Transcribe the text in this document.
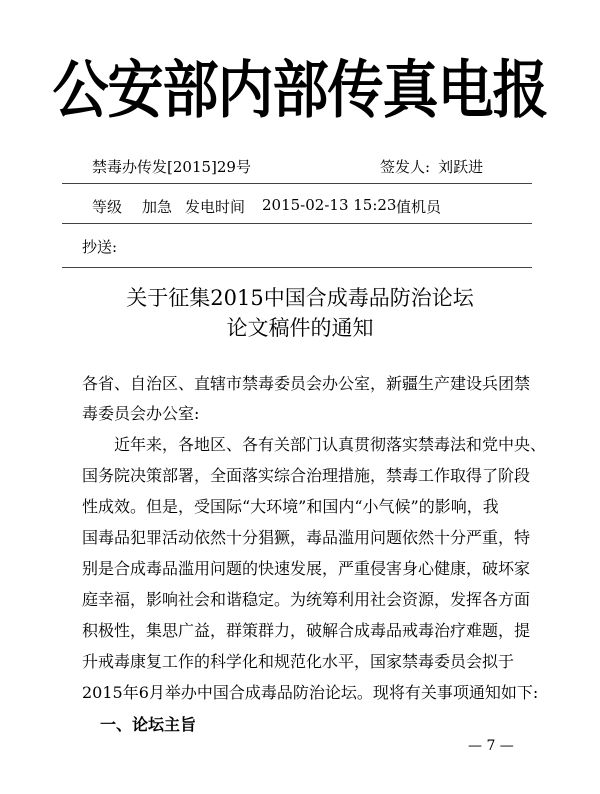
公安部内部传真电报
禁毒办传发[2015]29号	签发人: 刘跃进
等级 加急 发电时间 2015-02-13 15:23 值机员
抄送:
关于征集2015中国合成毒品防治论坛
论文稿件的通知
各省、自治区、直辖市禁毒委员会办公室，新疆生产建设兵团禁
毒委员会办公室:
近年来，各地区、各有关部门认真贯彻落实禁毒法和党中央、
国务院决策部署，全面落实综合治理措施，禁毒工作取得了阶段
性成效。但是，受国际“大环境”和国内“小气候”的影响，我
国毒品犯罪活动依然十分猖獗，毒品滥用问题依然十分严重，特
别是合成毒品滥用问题的快速发展，严重侵害身心健康，破坏家
庭幸福，影响社会和谐稳定。为统筹利用社会资源，发挥各方面
积极性，集思广益，群策群力，破解合成毒品戒毒治疗难题，提
升戒毒康复工作的科学化和规范化水平，国家禁毒委员会拟于
2015年6月举办中国合成毒品防治论坛。现将有关事项通知如下:
一、论坛主旨
— 7 —
